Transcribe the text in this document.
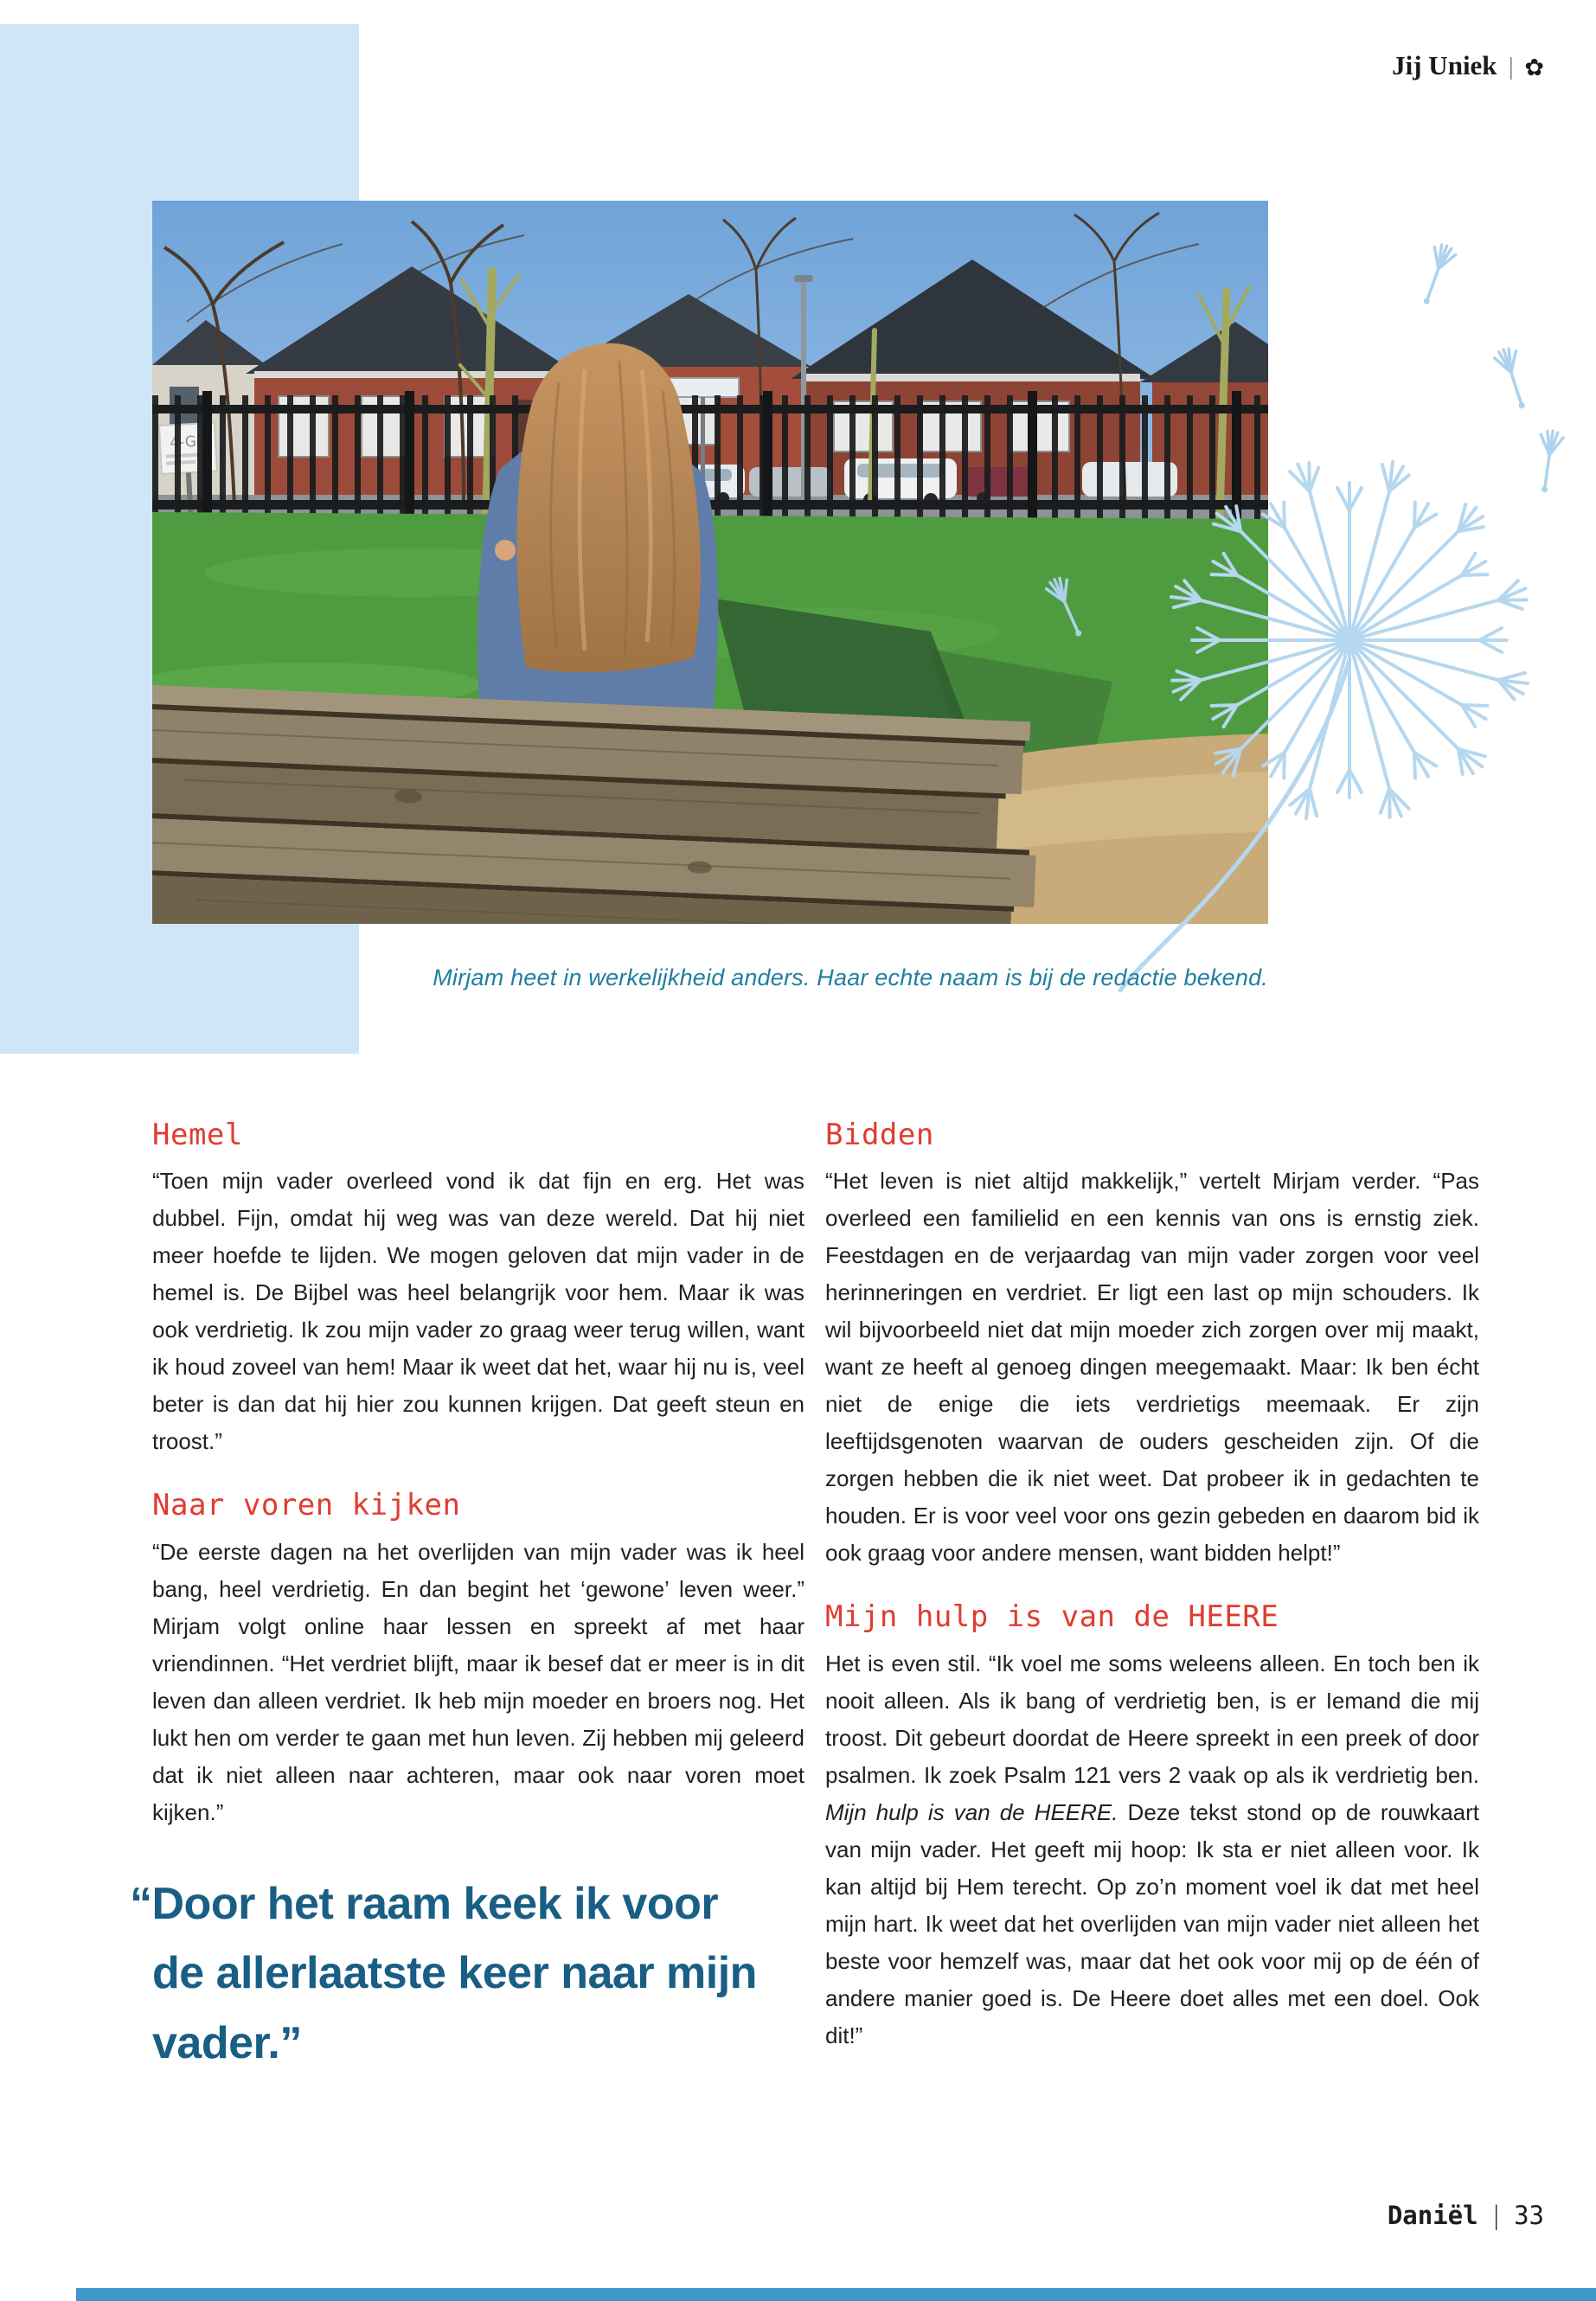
Jij Uniek | ✿

Mirjam heet in werkelijkheid anders. Haar echte naam is bij de redactie bekend.

Hemel

“Toen mijn vader overleed vond ik dat fijn en erg. Het was dubbel. Fijn, omdat hij weg was van deze wereld. Dat hij niet meer hoefde te lijden. We mogen geloven dat mijn vader in de hemel is. De Bijbel was heel belangrijk voor hem. Maar ik was ook verdrietig. Ik zou mijn vader zo graag weer terug willen, want ik houd zoveel van hem! Maar ik weet dat het, waar hij nu is, veel beter is dan dat hij hier zou kunnen krijgen. Dat geeft steun en troost.”

Naar voren kijken

“De eerste dagen na het overlijden van mijn vader was ik heel bang, heel verdrietig. En dan begint het ‘gewone’ leven weer.” Mirjam volgt online haar lessen en spreekt af met haar vriendinnen. “Het verdriet blijft, maar ik besef dat er meer is in dit leven dan alleen verdriet. Ik heb mijn moeder en broers nog. Het lukt hen om verder te gaan met hun leven. Zij hebben mij geleerd dat ik niet alleen naar achteren, maar ook naar voren moet kijken.”

“Door het raam keek ik voor de allerlaatste keer naar mijn vader.”
Bidden

“Het leven is niet altijd makkelijk,” vertelt Mirjam verder. “Pas overleed een familielid en een kennis van ons is ernstig ziek. Feestdagen en de verjaardag van mijn vader zorgen voor veel herinneringen en verdriet. Er ligt een last op mijn schouders. Ik wil bijvoorbeeld niet dat mijn moeder zich zorgen over mij maakt, want ze heeft al genoeg dingen meegemaakt. Maar: Ik ben écht niet de enige die iets verdrietigs meemaak. Er zijn leeftijdsgenoten waarvan de ouders gescheiden zijn. Of die zorgen hebben die ik niet weet. Dat probeer ik in gedachten te houden. Er is voor veel voor ons gezin gebeden en daarom bid ik ook graag voor andere mensen, want bidden helpt!”

Mijn hulp is van de HEERE

Het is even stil. “Ik voel me soms weleens alleen. En toch ben ik nooit alleen. Als ik bang of verdrietig ben, is er Iemand die mij troost. Dit gebeurt doordat de Heere spreekt in een preek of door psalmen. Ik zoek Psalm 121 vers 2 vaak op als ik verdrietig ben. Mijn hulp is van de HEERE. Deze tekst stond op de rouwkaart van mijn vader. Het geeft mij hoop: Ik sta er niet alleen voor. Ik kan altijd bij Hem terecht. Op zo’n moment voel ik dat met heel mijn hart. Ik weet dat het overlijden van mijn vader niet alleen het beste voor hemzelf was, maar dat het ook voor mij op de één of andere manier goed is. De Heere doet alles met een doel. Ook dit!”

Daniël | 33
